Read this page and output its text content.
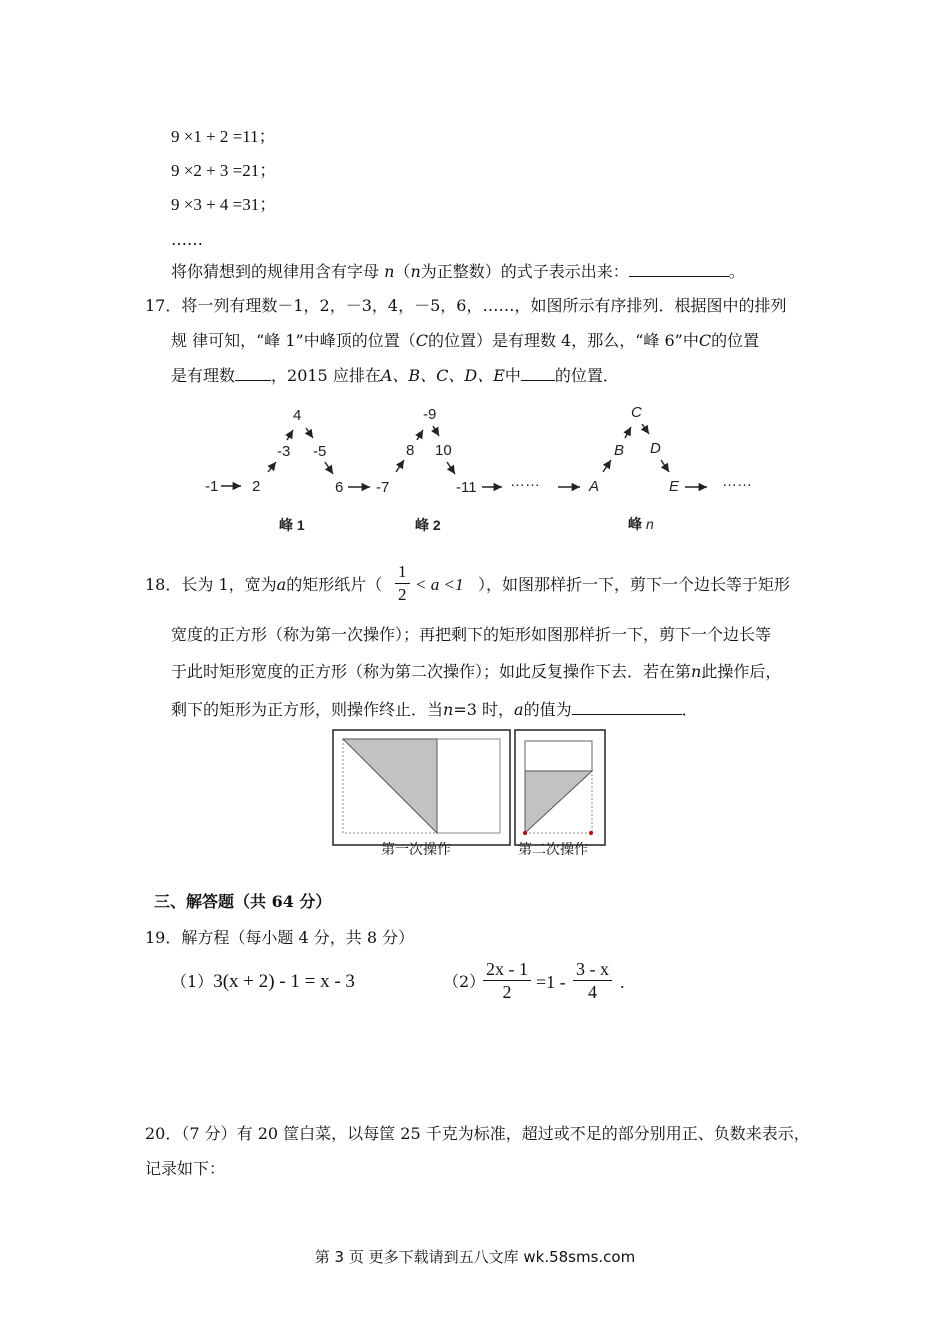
9 ×1 + 2 =11；
9 ×2 + 3 =21；
9 ×3 + 4 =31；
……
将你猜想到的规律用含有字母 n（n为正整数）的式子表示出来：	。
17．将一列有理数－1，2，－3，4，－5，6，……，如图所示有序排列．根据图中的排列
规 律可知，“峰 1”中峰顶的位置（C的位置）是有理数 4，那么，“峰 6”中C的位置
是有理数 ，2015 应排在A、B、C、D、E中 的位置．
-1 2
-3
4
-5
6 -7
8
-9
10
-11 ……	A
B
C
D
E	……
峰 1	峰 2	峰 n
18．长为 1，宽为a的矩形纸片（ $\frac{1}{2} < a <1$ ），如图那样折一下，剪下一个边长等于矩形
宽度的正方形（称为第一次操作）；再把剩下的矩形如图那样折一下，剪下一个边长等
于此时矩形宽度的正方形（称为第二次操作）；如此反复操作下去．若在第n此操作后，
剩下的矩形为正方形，则操作终止．当n=3 时，a的值为	．
第一次操作	第二次操作
三、解答题（共 64 分）
19．解方程（每小题 4 分，共 8 分）
（1）3(x + 2) - 1 = x - 3	（2）
$\frac{2x - 1}{2} =1 - \frac{3 - x}{4}$ .
20．（7 分）有 20 筐白菜，以每筐 25 千克为标准，超过或不足的部分别用正、负数来表示，
记录如下：
第 3 页 更多下载请到五八文库 wk.58sms.com
